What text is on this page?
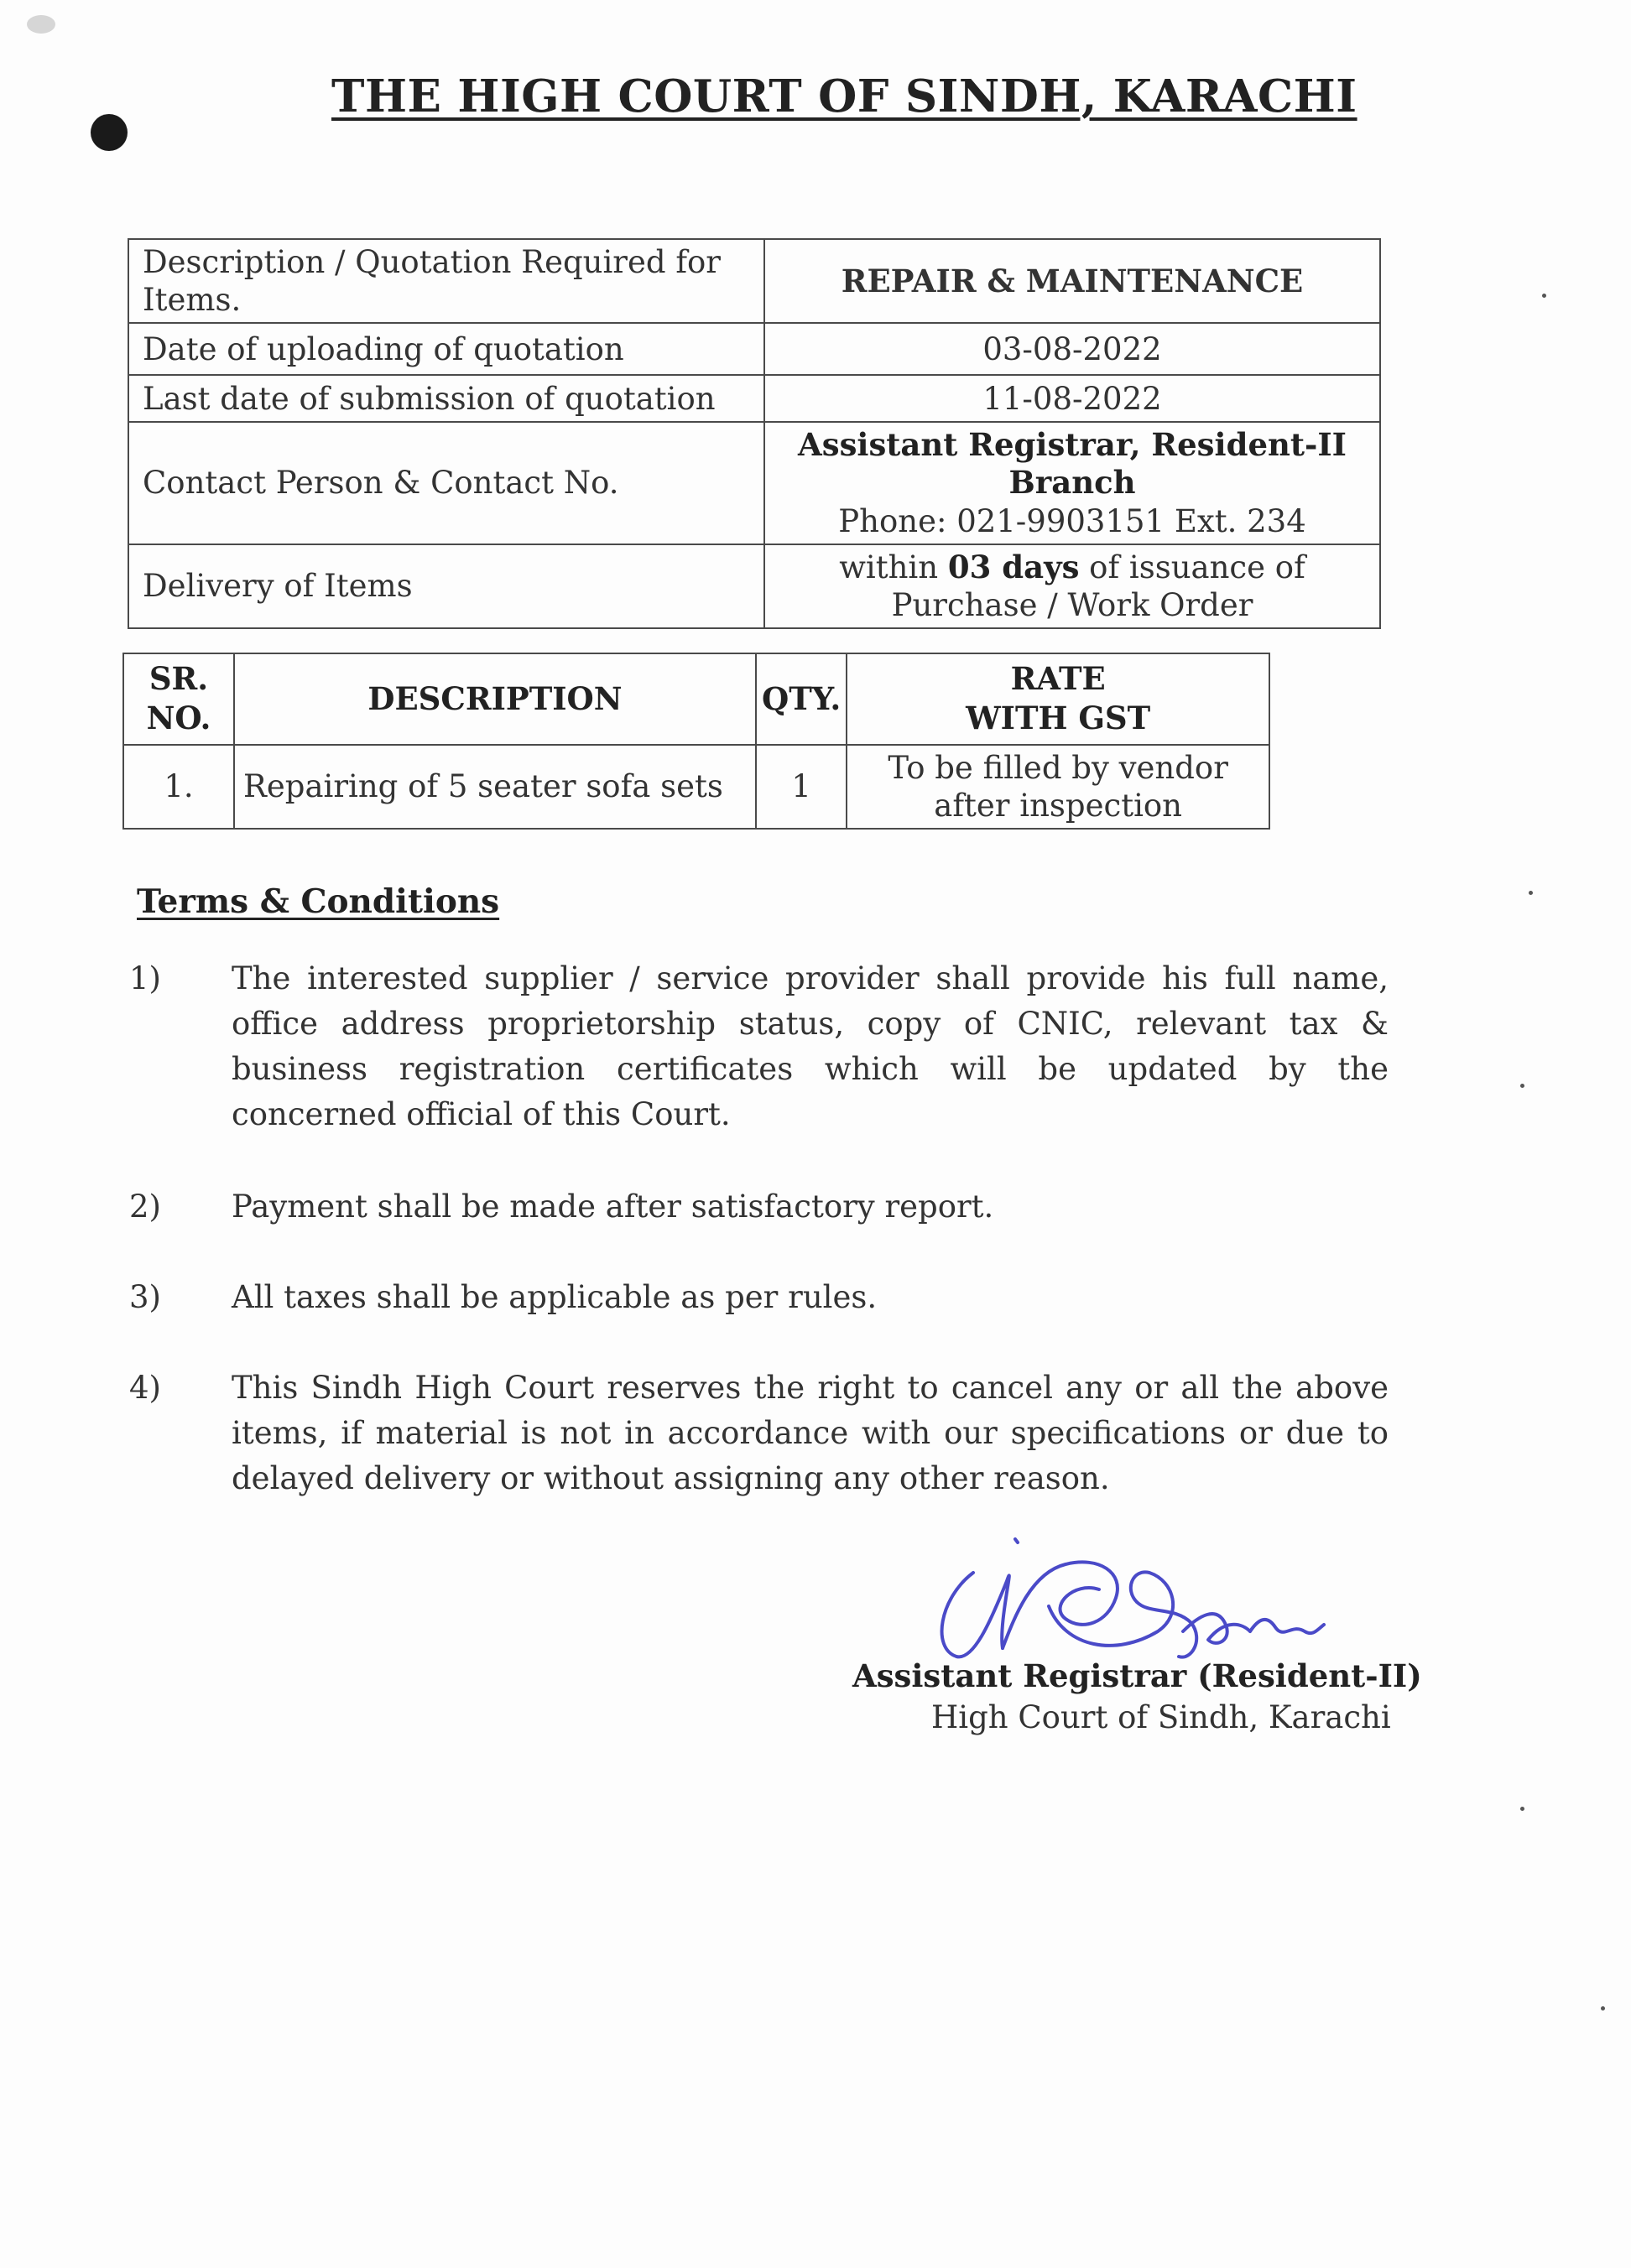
THE HIGH COURT OF SINDH, KARACHI
Description / Quotation Required for Items.	REPAIR & MAINTENANCE
Date of uploading of quotation	03-08-2022
Last date of submission of quotation	11-08-2022
Contact Person & Contact No.	Assistant Registrar, Resident-II Branch
Phone: 021-9903151 Ext. 234

Delivery of Items	within 03 days of issuance of Purchase / Work Order
SR. NO.	DESCRIPTION	QTY.	RATE
WITH GST

1.	Repairing of 5 seater sofa sets	1	To be filled by vendor after inspection
Terms & Conditions
1) The interested supplier / service provider shall provide his full name, office address proprietorship status, copy of CNIC, relevant tax & business registration certificates which will be updated by the concerned official of this Court.
2) Payment shall be made after satisfactory report.
3) All taxes shall be applicable as per rules.
4) This Sindh High Court reserves the right to cancel any or all the above items, if material is not in accordance with our specifications or due to delayed delivery or without assigning any other reason.
Assistant Registrar (Resident-II)
High Court of Sindh, Karachi
